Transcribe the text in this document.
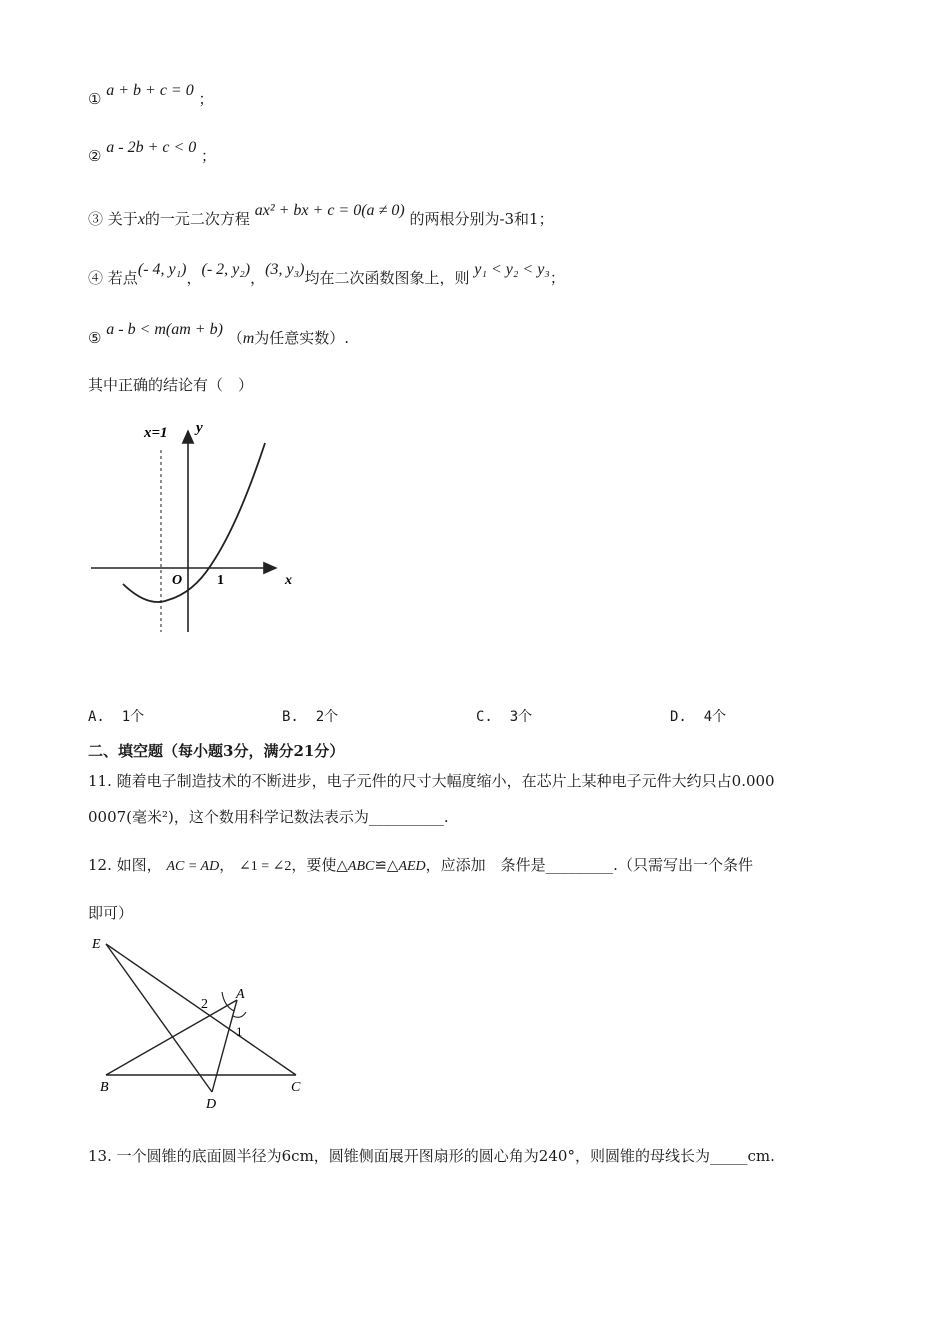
① a + b + c = 0 ；
② a - 2b + c < 0 ；
③ 关于x的一元二次方程 ax² + bx + c = 0(a ≠ 0) 的两根分别为-3和1；
④ 若点(- 4, y₁)，(- 2, y₂)，(3, y₃)均在二次函数图象上，则 y₁ < y₂ < y₃；
⑤ a - b < m(am + b) （m为任意实数）.
其中正确的结论有（　）
x=1 y
x
O 1
A. 1个	B. 2个	C. 3个	D. 4个
二、填空题（每小题3分，满分21分）
11. 随着电子制造技术的不断进步，电子元件的尺寸大幅度缩小，在芯片上某种电子元件大约只占0.000
0007(毫米²)，这个数用科学记数法表示为__________.
12. 如图， AC = AD， ∠1 = ∠2，要使△ABC≌△AED，应添加　条件是_________.（只需写出一个条件
即可）
E
A
2
1
B
D
C
13. 一个圆锥的底面圆半径为6cm，圆锥侧面展开图扇形的圆心角为240°，则圆锥的母线长为_____cm.
